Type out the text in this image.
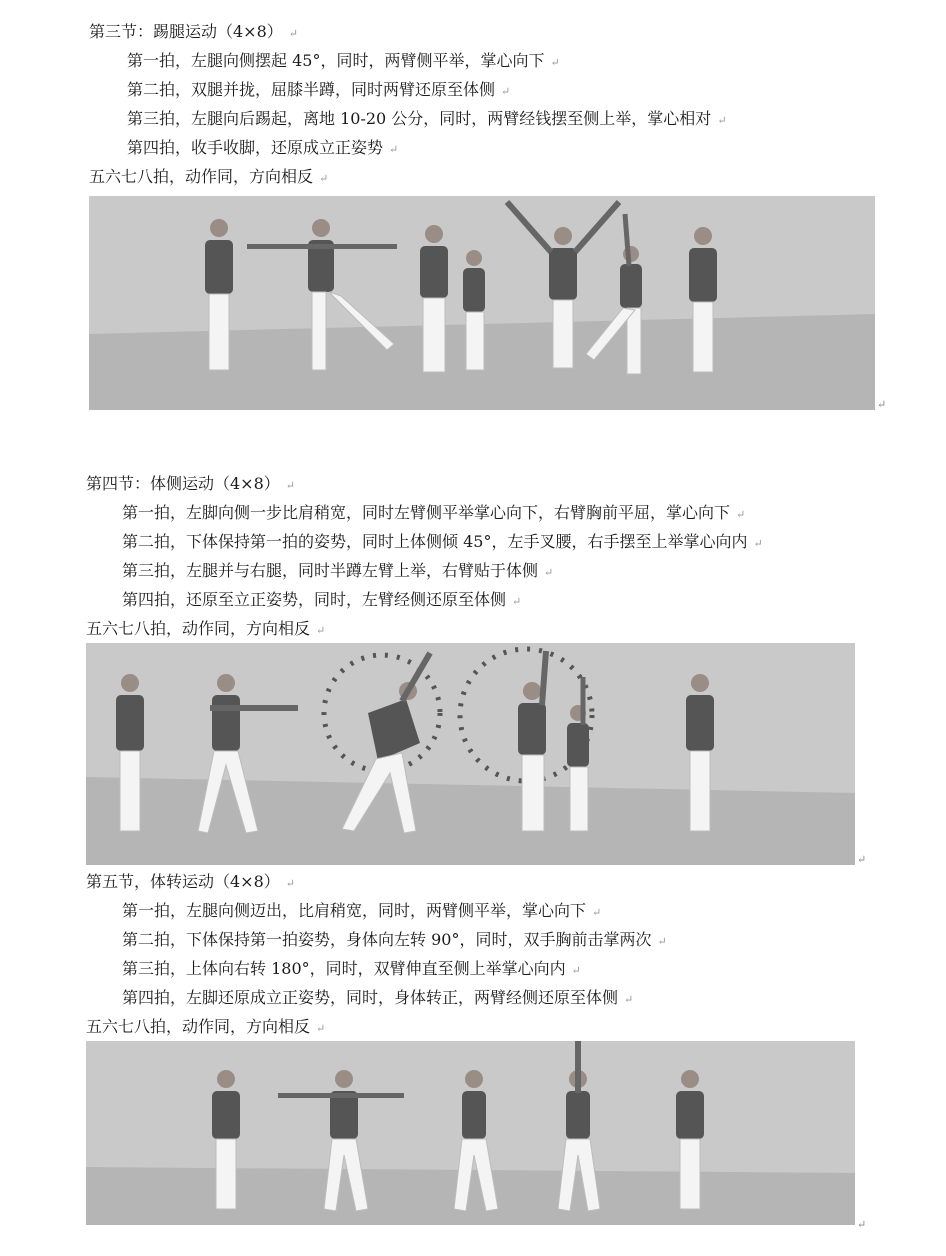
第三节：踢腿运动（4×8） ↵
第一拍，左腿向侧摆起 45°，同时，两臂侧平举，掌心向下 ↵
第二拍，双腿并拢，屈膝半蹲，同时两臂还原至体侧 ↵
第三拍，左腿向后踢起，离地 10-20 公分，同时，两臂经钱摆至侧上举，掌心相对 ↵
第四拍，收手收脚，还原成立正姿势 ↵
五六七八拍，动作同，方向相反 ↵
↵
第四节：体侧运动（4×8） ↵
第一拍，左脚向侧一步比肩稍宽，同时左臂侧平举掌心向下，右臂胸前平屈，掌心向下 ↵
第二拍，下体保持第一拍的姿势，同时上体侧倾 45°，左手叉腰，右手摆至上举掌心向内 ↵
第三拍，左腿并与右腿，同时半蹲左臂上举，右臂贴于体侧 ↵
第四拍，还原至立正姿势，同时，左臂经侧还原至体侧 ↵
五六七八拍，动作同，方向相反 ↵
↵
第五节，体转运动（4×8） ↵
第一拍，左腿向侧迈出，比肩稍宽，同时，两臂侧平举，掌心向下 ↵
第二拍，下体保持第一拍姿势，身体向左转 90°，同时，双手胸前击掌两次 ↵
第三拍，上体向右转 180°，同时，双臂伸直至侧上举掌心向内 ↵
第四拍，左脚还原成立正姿势，同时，身体转正，两臂经侧还原至体侧 ↵
五六七八拍，动作同，方向相反 ↵
↵
